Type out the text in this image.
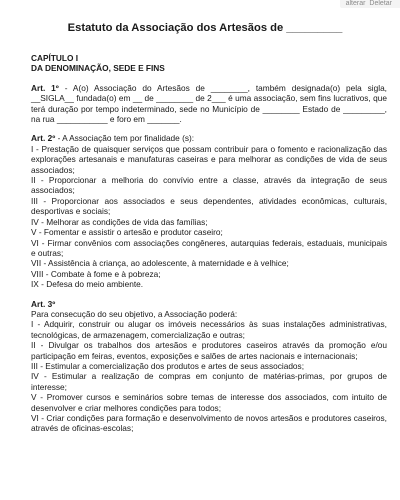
Estatuto da Associação dos Artesãos de _________
CAPÍTULO I
DA DENOMINAÇÃO, SEDE E FINS
Art. 1º - A(o) Associação do Artesãos de ________, também designada(o) pela sigla, __SIGLA__ fundada(o) em __ de ________ de 2___ é uma associação, sem fins lucrativos, que terá duração por tempo indeterminado, sede no Município de ________ Estado de _________, na rua ___________ e foro em _______.
Art. 2º - A Associação tem por finalidade (s):
I - Prestação de quaisquer serviços que possam contribuir para o fomento e racionalização das explorações artesanais e manufaturas caseiras e para melhorar as condições de vida de seus associados;
II - Proporcionar a melhoria do convívio entre a classe, através da integração de seus associados;
III - Proporcionar aos associados e seus dependentes, atividades econômicas, culturais, desportivas e sociais;
IV - Melhorar as condições de vida das famílias;
V - Fomentar e assistir o artesão e produtor caseiro;
VI - Firmar convênios com associações congêneres, autarquias federais, estaduais, municipais e outras;
VII - Assistência à criança, ao adolescente, à maternidade e à velhice;
VIII - Combate à fome e à pobreza;
IX - Defesa do meio ambiente.
Art. 3º
Para consecução do seu objetivo, a Associação poderá:
I - Adquirir, construir ou alugar os imóveis necessários às suas instalações administrativas, tecnológicas, de armazenagem, comercialização e outras;
II - Divulgar os trabalhos dos artesãos e produtores caseiros através da promoção e/ou participação em feiras, eventos, exposições e salões de artes nacionais e internacionais;
III - Estimular a comercialização dos produtos e artes de seus associados;
IV - Estimular a realização de compras em conjunto de matérias-primas, por grupos de interesse;
V - Promover cursos e seminários sobre temas de interesse dos associados, com intuito de desenvolver e criar melhores condições para todos;
VI - Criar condições para formação e desenvolvimento de novos artesãos e produtores caseiros, através de oficinas-escolas;
alterar Deletar
